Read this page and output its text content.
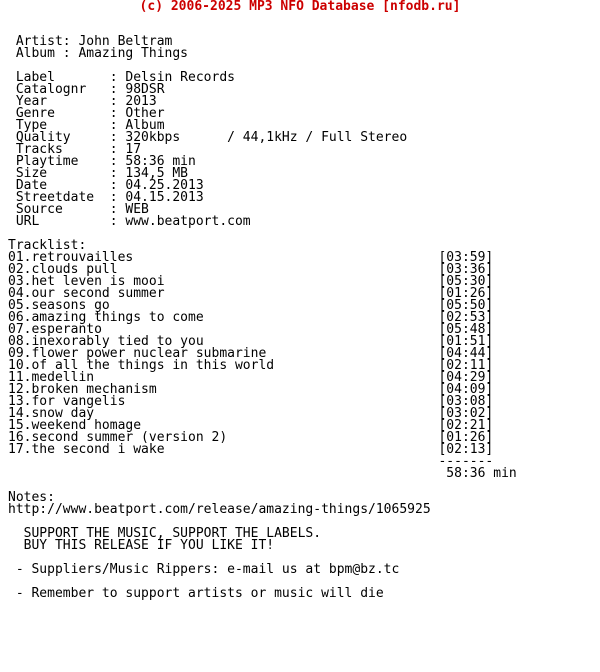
(c) 2006-2025 MP3 NFO Database [nfodb.ru]
Artist: John Beltram
Album : Amazing Things
Label       : Delsin Records
Catalognr   : 98DSR
Year        : 2013
Genre       : Other
Type        : Album
Quality     : 320kbps      / 44,1kHz / Full Stereo
Tracks      : 17
Playtime    : 58:36 min
Size        : 134,5 MB
Date        : 04.25.2013
Streetdate  : 04.15.2013
Source      : WEB
URL         : www.beatport.com
Tracklist:
01.retrouvailles                                       [03:59]
02.clouds pull                                         [03:36]
03.het leven is mooi                                   [05:30]
04.our second summer                                   [01:26]
05.seasons go                                          [05:50]
06.amazing things to come                              [02:53]
07.esperanto                                           [05:48]
08.inexorably tied to you                              [01:51]
09.flower power nuclear submarine                      [04:44]
10.of all the things in this world                     [02:11]
11.medellin                                            [04:29]
12.broken mechanism                                    [04:09]
13.for vangelis                                        [03:08]
14.snow day                                            [03:02]
15.weekend homage                                      [02:21]
16.second summer (version 2)                           [01:26]
17.the second i wake                                   [02:13]
-------
58:36 min
Notes:
http://www.beatport.com/release/amazing-things/1065925
SUPPORT THE MUSIC, SUPPORT THE LABELS.
BUY THIS RELEASE IF YOU LIKE IT!
- Suppliers/Music Rippers: e-mail us at bpm@bz.tc
- Remember to support artists or music will die
